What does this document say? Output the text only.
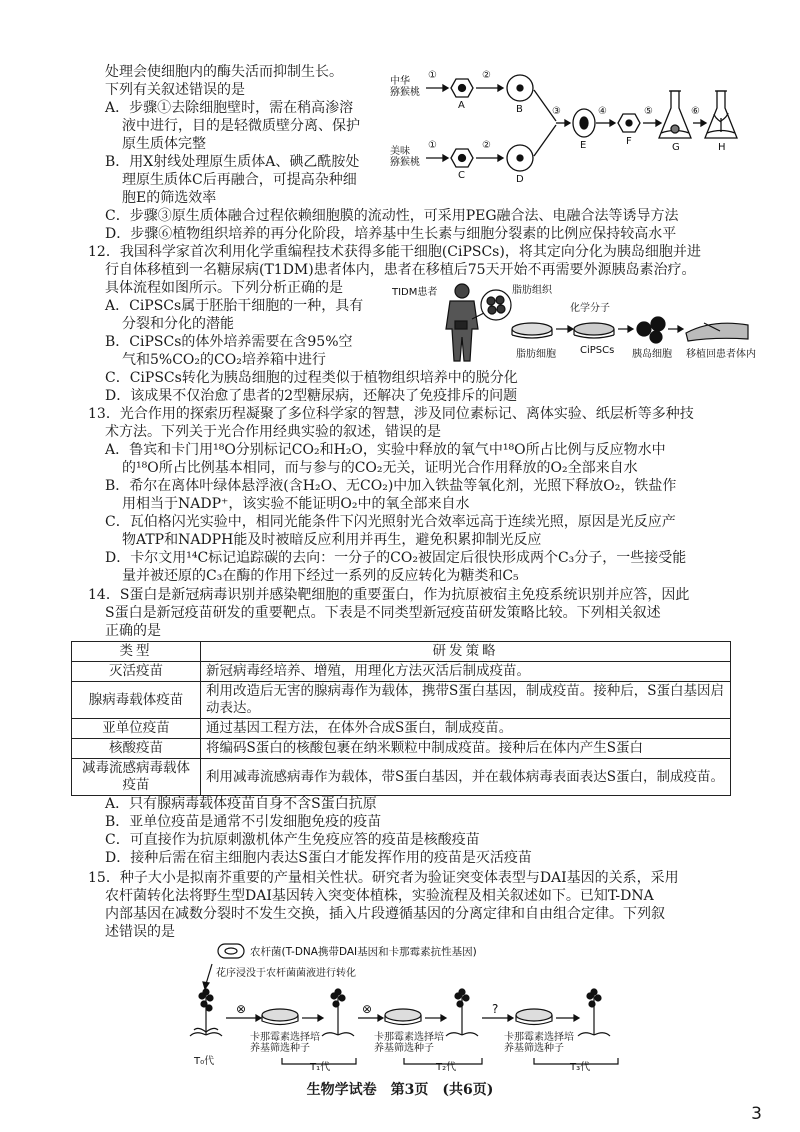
处理会使细胞内的酶失活而抑制生长。
下列有关叙述错误的是
A．步骤①去除细胞壁时，需在稍高渗溶
液中进行，目的是轻微质壁分离、保护
原生质体完整
B．用X射线处理原生质体A、碘乙酰胺处
理原生质体C后再融合，可提高杂种细
胞E的筛选效率
C．步骤③原生质体融合过程依赖细胞膜的流动性，可采用PEG融合法、电融合法等诱导方法
D．步骤⑥植物组织培养的再分化阶段，培养基中生长素与细胞分裂素的比例应保持较高水平
中华
猕猴桃
美味
猕猴桃
①	②
①	②
③	④	⑤	⑥
A	B
C	D
E	F
G	H
12．我国科学家首次利用化学重编程技术获得多能干细胞(CiPSCs)，将其定向分化为胰岛细胞并进
行自体移植到一名糖尿病(T1DM)患者体内，患者在移植后75天开始不再需要外源胰岛素治疗。
具体流程如图所示。下列分析正确的是
A．CiPSCs属于胚胎干细胞的一种，具有
分裂和分化的潜能
B．CiPSCs的体外培养需要在含95%空
气和5%CO₂的CO₂培养箱中进行
C．CiPSCs转化为胰岛细胞的过程类似于植物组织培养中的脱分化
D．该成果不仅治愈了患者的2型糖尿病，还解决了免疫排斥的问题
TIDM患者	脂肪组织
化学分子
脂肪细胞 CiPSCs 胰岛细胞 移植回患者体内
13．光合作用的探索历程凝聚了多位科学家的智慧，涉及同位素标记、离体实验、纸层析等多种技
术方法。下列关于光合作用经典实验的叙述，错误的是
A．鲁宾和卡门用¹⁸O分别标记CO₂和H₂O，实验中释放的氧气中¹⁸O所占比例与反应物水中
的¹⁸O所占比例基本相同，而与参与的CO₂无关，证明光合作用释放的O₂全部来自水
B．希尔在离体叶绿体悬浮液(含H₂O、无CO₂)中加入铁盐等氧化剂，光照下释放O₂，铁盐作
用相当于NADP⁺，该实验不能证明O₂中的氧全部来自水
C．瓦伯格闪光实验中，相同光能条件下闪光照射光合效率远高于连续光照，原因是光反应产
物ATP和NADPH能及时被暗反应利用并再生，避免积累抑制光反应
D．卡尔文用¹⁴C标记追踪碳的去向：一分子的CO₂被固定后很快形成两个C₃分子，一些接受能
量并被还原的C₃在酶的作用下经过一系列的反应转化为糖类和C₅
14．S蛋白是新冠病毒识别并感染靶细胞的重要蛋白，作为抗原被宿主免疫系统识别并应答，因此
S蛋白是新冠疫苗研发的重要靶点。下表是不同类型新冠疫苗研发策略比较。下列相关叙述
正确的是
类型	研发策略
灭活疫苗	新冠病毒经培养、增殖，用理化方法灭活后制成疫苗。
腺病毒载体疫苗	利用改造后无害的腺病毒作为载体，携带S蛋白基因，制成疫苗。接种后，S蛋白基因启动表达。
亚单位疫苗	通过基因工程方法，在体外合成S蛋白，制成疫苗。
核酸疫苗	将编码S蛋白的核酸包裹在纳米颗粒中制成疫苗。接种后在体内产生S蛋白
减毒流感病毒载体疫苗	利用减毒流感病毒作为载体，带S蛋白基因，并在载体病毒表面表达S蛋白，制成疫苗。
A．只有腺病毒载体疫苗自身不含S蛋白抗原
B．亚单位疫苗是通常不引发细胞免疫的疫苗
C．可直接作为抗原刺激机体产生免疫应答的疫苗是核酸疫苗
D．接种后需在宿主细胞内表达S蛋白才能发挥作用的疫苗是灭活疫苗
15．种子大小是拟南芥重要的产量相关性状。研究者为验证突变体表型与DAI基因的关系，采用
农杆菌转化法将野生型DAI基因转入突变体植株，实验流程及相关叙述如下。已知T-DNA
内部基因在减数分裂时不发生交换，插入片段遵循基因的分离定律和自由组合定律。下列叙
述错误的是
农杆菌(T-DNA携带DAI基因和卡那霉素抗性基因)
花序浸没于农杆菌菌液进行转化
⊗	⊗	?
卡那霉素选择培
养基筛选种子
卡那霉素选择培
养基筛选种子
卡那霉素选择培
养基筛选种子
T₀代
T₁代	T₂代	T₃代
生物学试卷　第3页　(共6页)
3
